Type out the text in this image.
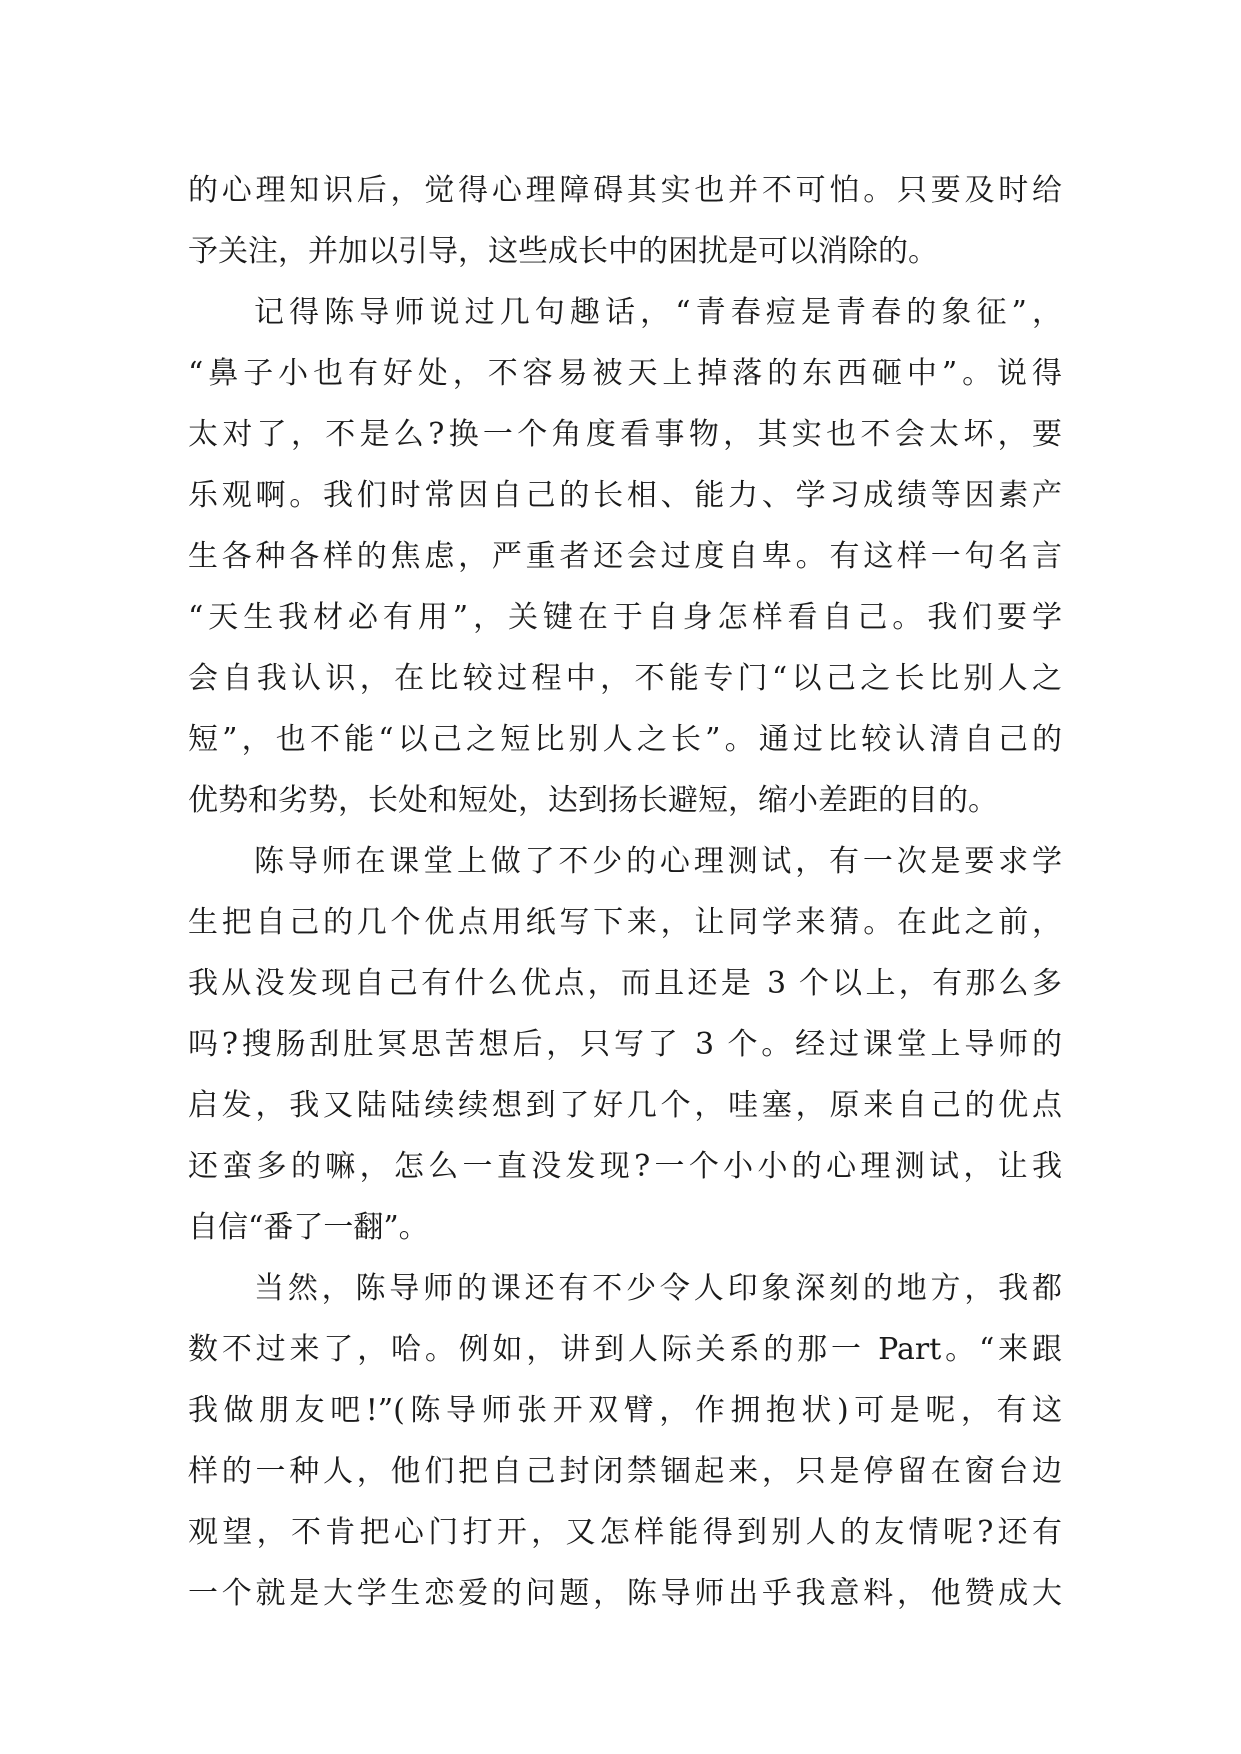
的心理知识后，觉得心理障碍其实也并不可怕。只要及时给
予关注，并加以引导，这些成长中的困扰是可以消除的。
记得陈导师说过几句趣话，“青春痘是青春的象征”，
“鼻子小也有好处，不容易被天上掉落的东西砸中”。说得
太对了，不是么?换一个角度看事物，其实也不会太坏，要
乐观啊。我们时常因自己的长相、能力、学习成绩等因素产
生各种各样的焦虑，严重者还会过度自卑。有这样一句名言
“天生我材必有用”，关键在于自身怎样看自己。我们要学
会自我认识，在比较过程中，不能专门“以己之长比别人之
短”，也不能“以己之短比别人之长”。通过比较认清自己的
优势和劣势，长处和短处，达到扬长避短，缩小差距的目的。
陈导师在课堂上做了不少的心理测试，有一次是要求学
生把自己的几个优点用纸写下来，让同学来猜。在此之前，
我从没发现自己有什么优点，而且还是 3 个以上，有那么多
吗?搜肠刮肚冥思苦想后，只写了 3 个。经过课堂上导师的
启发，我又陆陆续续想到了好几个，哇塞，原来自己的优点
还蛮多的嘛，怎么一直没发现?一个小小的心理测试，让我
自信“番了一翻”。
当然，陈导师的课还有不少令人印象深刻的地方，我都
数不过来了，哈。例如，讲到人际关系的那一 Part。“来跟
我做朋友吧!”(陈导师张开双臂，作拥抱状)可是呢，有这
样的一种人，他们把自己封闭禁锢起来，只是停留在窗台边
观望，不肯把心门打开，又怎样能得到别人的友情呢?还有
一个就是大学生恋爱的问题，陈导师出乎我意料，他赞成大
